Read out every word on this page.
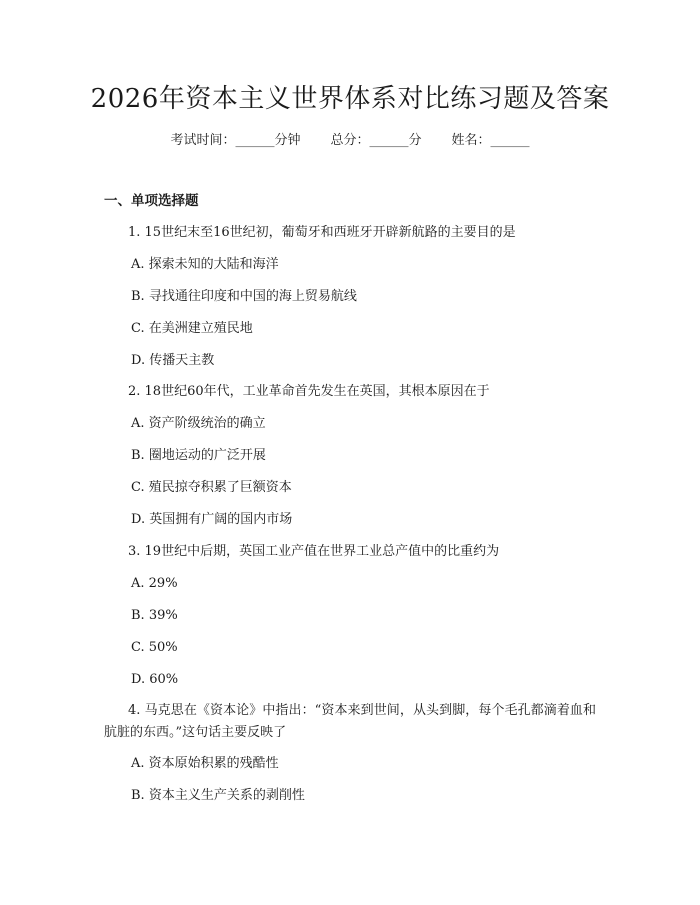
2026年资本主义世界体系对比练习题及答案
考试时间：______分钟 总分：______分 姓名：______
一、单项选择题
1. 15世纪末至16世纪初，葡萄牙和西班牙开辟新航路的主要目的是
A. 探索未知的大陆和海洋
B. 寻找通往印度和中国的海上贸易航线
C. 在美洲建立殖民地
D. 传播天主教
2. 18世纪60年代，工业革命首先发生在英国，其根本原因在于
A. 资产阶级统治的确立
B. 圈地运动的广泛开展
C. 殖民掠夺积累了巨额资本
D. 英国拥有广阔的国内市场
3. 19世纪中后期，英国工业产值在世界工业总产值中的比重约为
A. 29%
B. 39%
C. 50%
D. 60%
4. 马克思在《资本论》中指出：“资本来到世间，从头到脚，每个毛孔都滴着血和肮脏的东西。”这句话主要反映了
A. 资本原始积累的残酷性
B. 资本主义生产关系的剥削性
